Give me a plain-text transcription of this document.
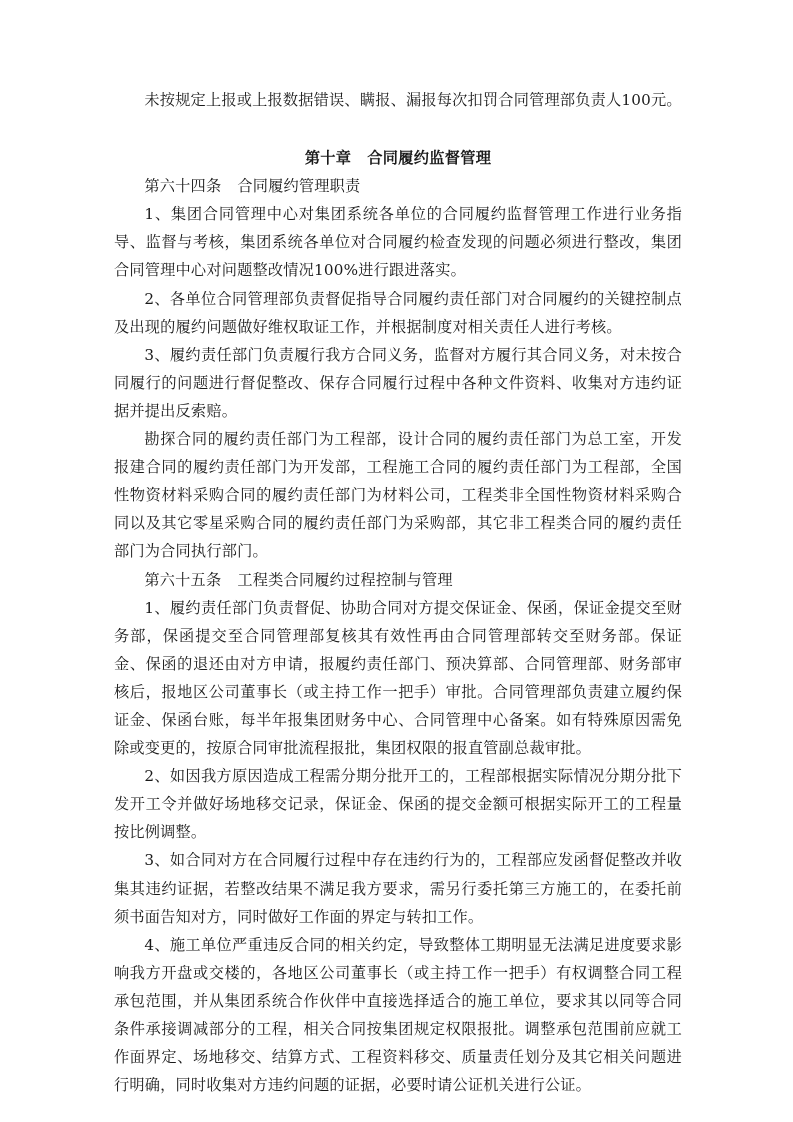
未按规定上报或上报数据错误、瞒报、漏报每次扣罚合同管理部负责人100元。

第十章 合同履约监督管理

第六十四条 合同履约管理职责

1、集团合同管理中心对集团系统各单位的合同履约监督管理工作进行业务指导、监督与考核，集团系统各单位对合同履约检查发现的问题必须进行整改，集团合同管理中心对问题整改情况100%进行跟进落实。

2、各单位合同管理部负责督促指导合同履约责任部门对合同履约的关键控制点及出现的履约问题做好维权取证工作，并根据制度对相关责任人进行考核。

3、履约责任部门负责履行我方合同义务，监督对方履行其合同义务，对未按合同履行的问题进行督促整改、保存合同履行过程中各种文件资料、收集对方违约证据并提出反索赔。

勘探合同的履约责任部门为工程部，设计合同的履约责任部门为总工室，开发报建合同的履约责任部门为开发部，工程施工合同的履约责任部门为工程部，全国性物资材料采购合同的履约责任部门为材料公司，工程类非全国性物资材料采购合同以及其它零星采购合同的履约责任部门为采购部，其它非工程类合同的履约责任部门为合同执行部门。

第六十五条 工程类合同履约过程控制与管理

1、履约责任部门负责督促、协助合同对方提交保证金、保函，保证金提交至财务部，保函提交至合同管理部复核其有效性再由合同管理部转交至财务部。保证金、保函的退还由对方申请，报履约责任部门、预决算部、合同管理部、财务部审核后，报地区公司董事长（或主持工作一把手）审批。合同管理部负责建立履约保证金、保函台账，每半年报集团财务中心、合同管理中心备案。如有特殊原因需免除或变更的，按原合同审批流程报批，集团权限的报直管副总裁审批。

2、如因我方原因造成工程需分期分批开工的，工程部根据实际情况分期分批下发开工令并做好场地移交记录，保证金、保函的提交金额可根据实际开工的工程量按比例调整。

3、如合同对方在合同履行过程中存在违约行为的，工程部应发函督促整改并收集其违约证据，若整改结果不满足我方要求，需另行委托第三方施工的，在委托前须书面告知对方，同时做好工作面的界定与转扣工作。

4、施工单位严重违反合同的相关约定，导致整体工期明显无法满足进度要求影响我方开盘或交楼的，各地区公司董事长（或主持工作一把手）有权调整合同工程承包范围，并从集团系统合作伙伴中直接选择适合的施工单位，要求其以同等合同条件承接调减部分的工程，相关合同按集团规定权限报批。调整承包范围前应就工作面界定、场地移交、结算方式、工程资料移交、质量责任划分及其它相关问题进行明确，同时收集对方违约问题的证据，必要时请公证机关进行公证。
